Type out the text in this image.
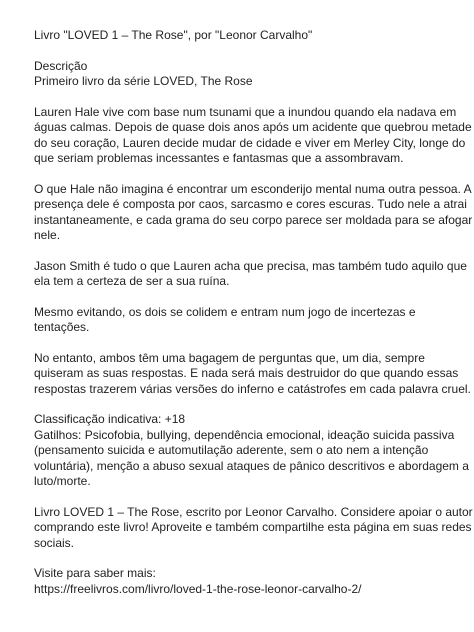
Livro "LOVED 1 – The Rose", por "Leonor Carvalho"
Descrição
Primeiro livro da série LOVED, The Rose
Lauren Hale vive com base num tsunami que a inundou quando ela nadava em
águas calmas. Depois de quase dois anos após um acidente que quebrou metade
do seu coração, Lauren decide mudar de cidade e viver em Merley City, longe do
que seriam problemas incessantes e fantasmas que a assombravam.
O que Hale não imagina é encontrar um esconderijo mental numa outra pessoa. A
presença dele é composta por caos, sarcasmo e cores escuras. Tudo nele a atrai
instantaneamente, e cada grama do seu corpo parece ser moldada para se afogar
nele.
Jason Smith é tudo o que Lauren acha que precisa, mas também tudo aquilo que
ela tem a certeza de ser a sua ruína.
Mesmo evitando, os dois se colidem e entram num jogo de incertezas e
tentações.
No entanto, ambos têm uma bagagem de perguntas que, um dia, sempre
quiseram as suas respostas. E nada será mais destruidor do que quando essas
respostas trazerem várias versões do inferno e catástrofes em cada palavra cruel.
Classificação indicativa: +18
Gatilhos: Psicofobia, bullying, dependência emocional, ideação suicida passiva
(pensamento suicida e automutilação aderente, sem o ato nem a intenção
voluntária), menção a abuso sexual ataques de pânico descritivos e abordagem a
luto/morte.
Livro LOVED 1 – The Rose, escrito por Leonor Carvalho. Considere apoiar o autor
comprando este livro! Aproveite e também compartilhe esta página em suas redes
sociais.
Visite para saber mais:
https://freelivros.com/livro/loved-1-the-rose-leonor-carvalho-2/
